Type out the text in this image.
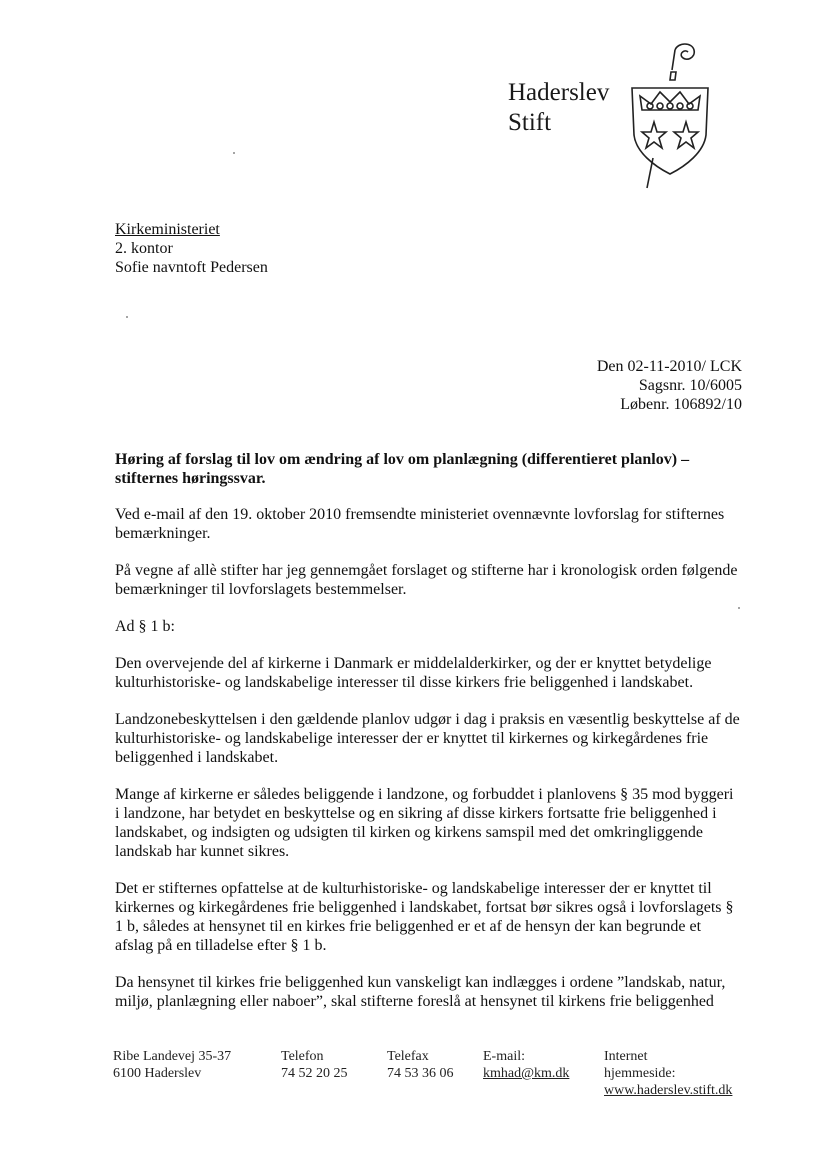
Haderslev
Stift
Kirkeministeriet
2. kontor
Sofie navntoft Pedersen
Den 02-11-2010/ LCK
Sagsnr. 10/6005
Løbenr. 106892/10
Høring af forslag til lov om ændring af lov om planlægning (differentieret planlov) – stifternes høringssvar.

Ved e-mail af den 19. oktober 2010 fremsendte ministeriet ovennævnte lovforslag for stifternes bemærkninger.

På vegne af allè stifter har jeg gennemgået forslaget og stifterne har i kronologisk orden følgende bemærkninger til lovforslagets bestemmelser.

Ad § 1 b:

Den overvejende del af kirkerne i Danmark er middelalderkirker, og der er knyttet betydelige kulturhistoriske- og landskabelige interesser til disse kirkers frie beliggenhed i landskabet.

Landzonebeskyttelsen i den gældende planlov udgør i dag i praksis en væsentlig beskyttelse af de kulturhistoriske- og landskabelige interesser der er knyttet til kirkernes og kirkegårdenes frie beliggenhed i landskabet.

Mange af kirkerne er således beliggende i landzone, og forbuddet i planlovens § 35 mod byggeri i landzone, har betydet en beskyttelse og en sikring af disse kirkers fortsatte frie beliggenhed i landskabet, og indsigten og udsigten til kirken og kirkens samspil med det omkringliggende landskab har kunnet sikres.

Det er stifternes opfattelse at de kulturhistoriske- og landskabelige interesser der er knyttet til kirkernes og kirkegårdenes frie beliggenhed i landskabet, fortsat bør sikres også i lovforslagets § 1 b, således at hensynet til en kirkes frie beliggenhed er et af de hensyn der kan begrunde et afslag på en tilladelse efter § 1 b.

Da hensynet til kirkes frie beliggenhed kun vanskeligt kan indlægges i ordene ”landskab, natur, miljø, planlægning eller naboer”, skal stifterne foreslå at hensynet til kirkens frie beliggenhed

Ribe Landevej 35-37
6100 Haderslev
Telefon
74 52 20 25
Telefax
74 53 36 06
E-mail:
kmhad@km.dk
Internet
hjemmeside:
www.haderslev.stift.dk
